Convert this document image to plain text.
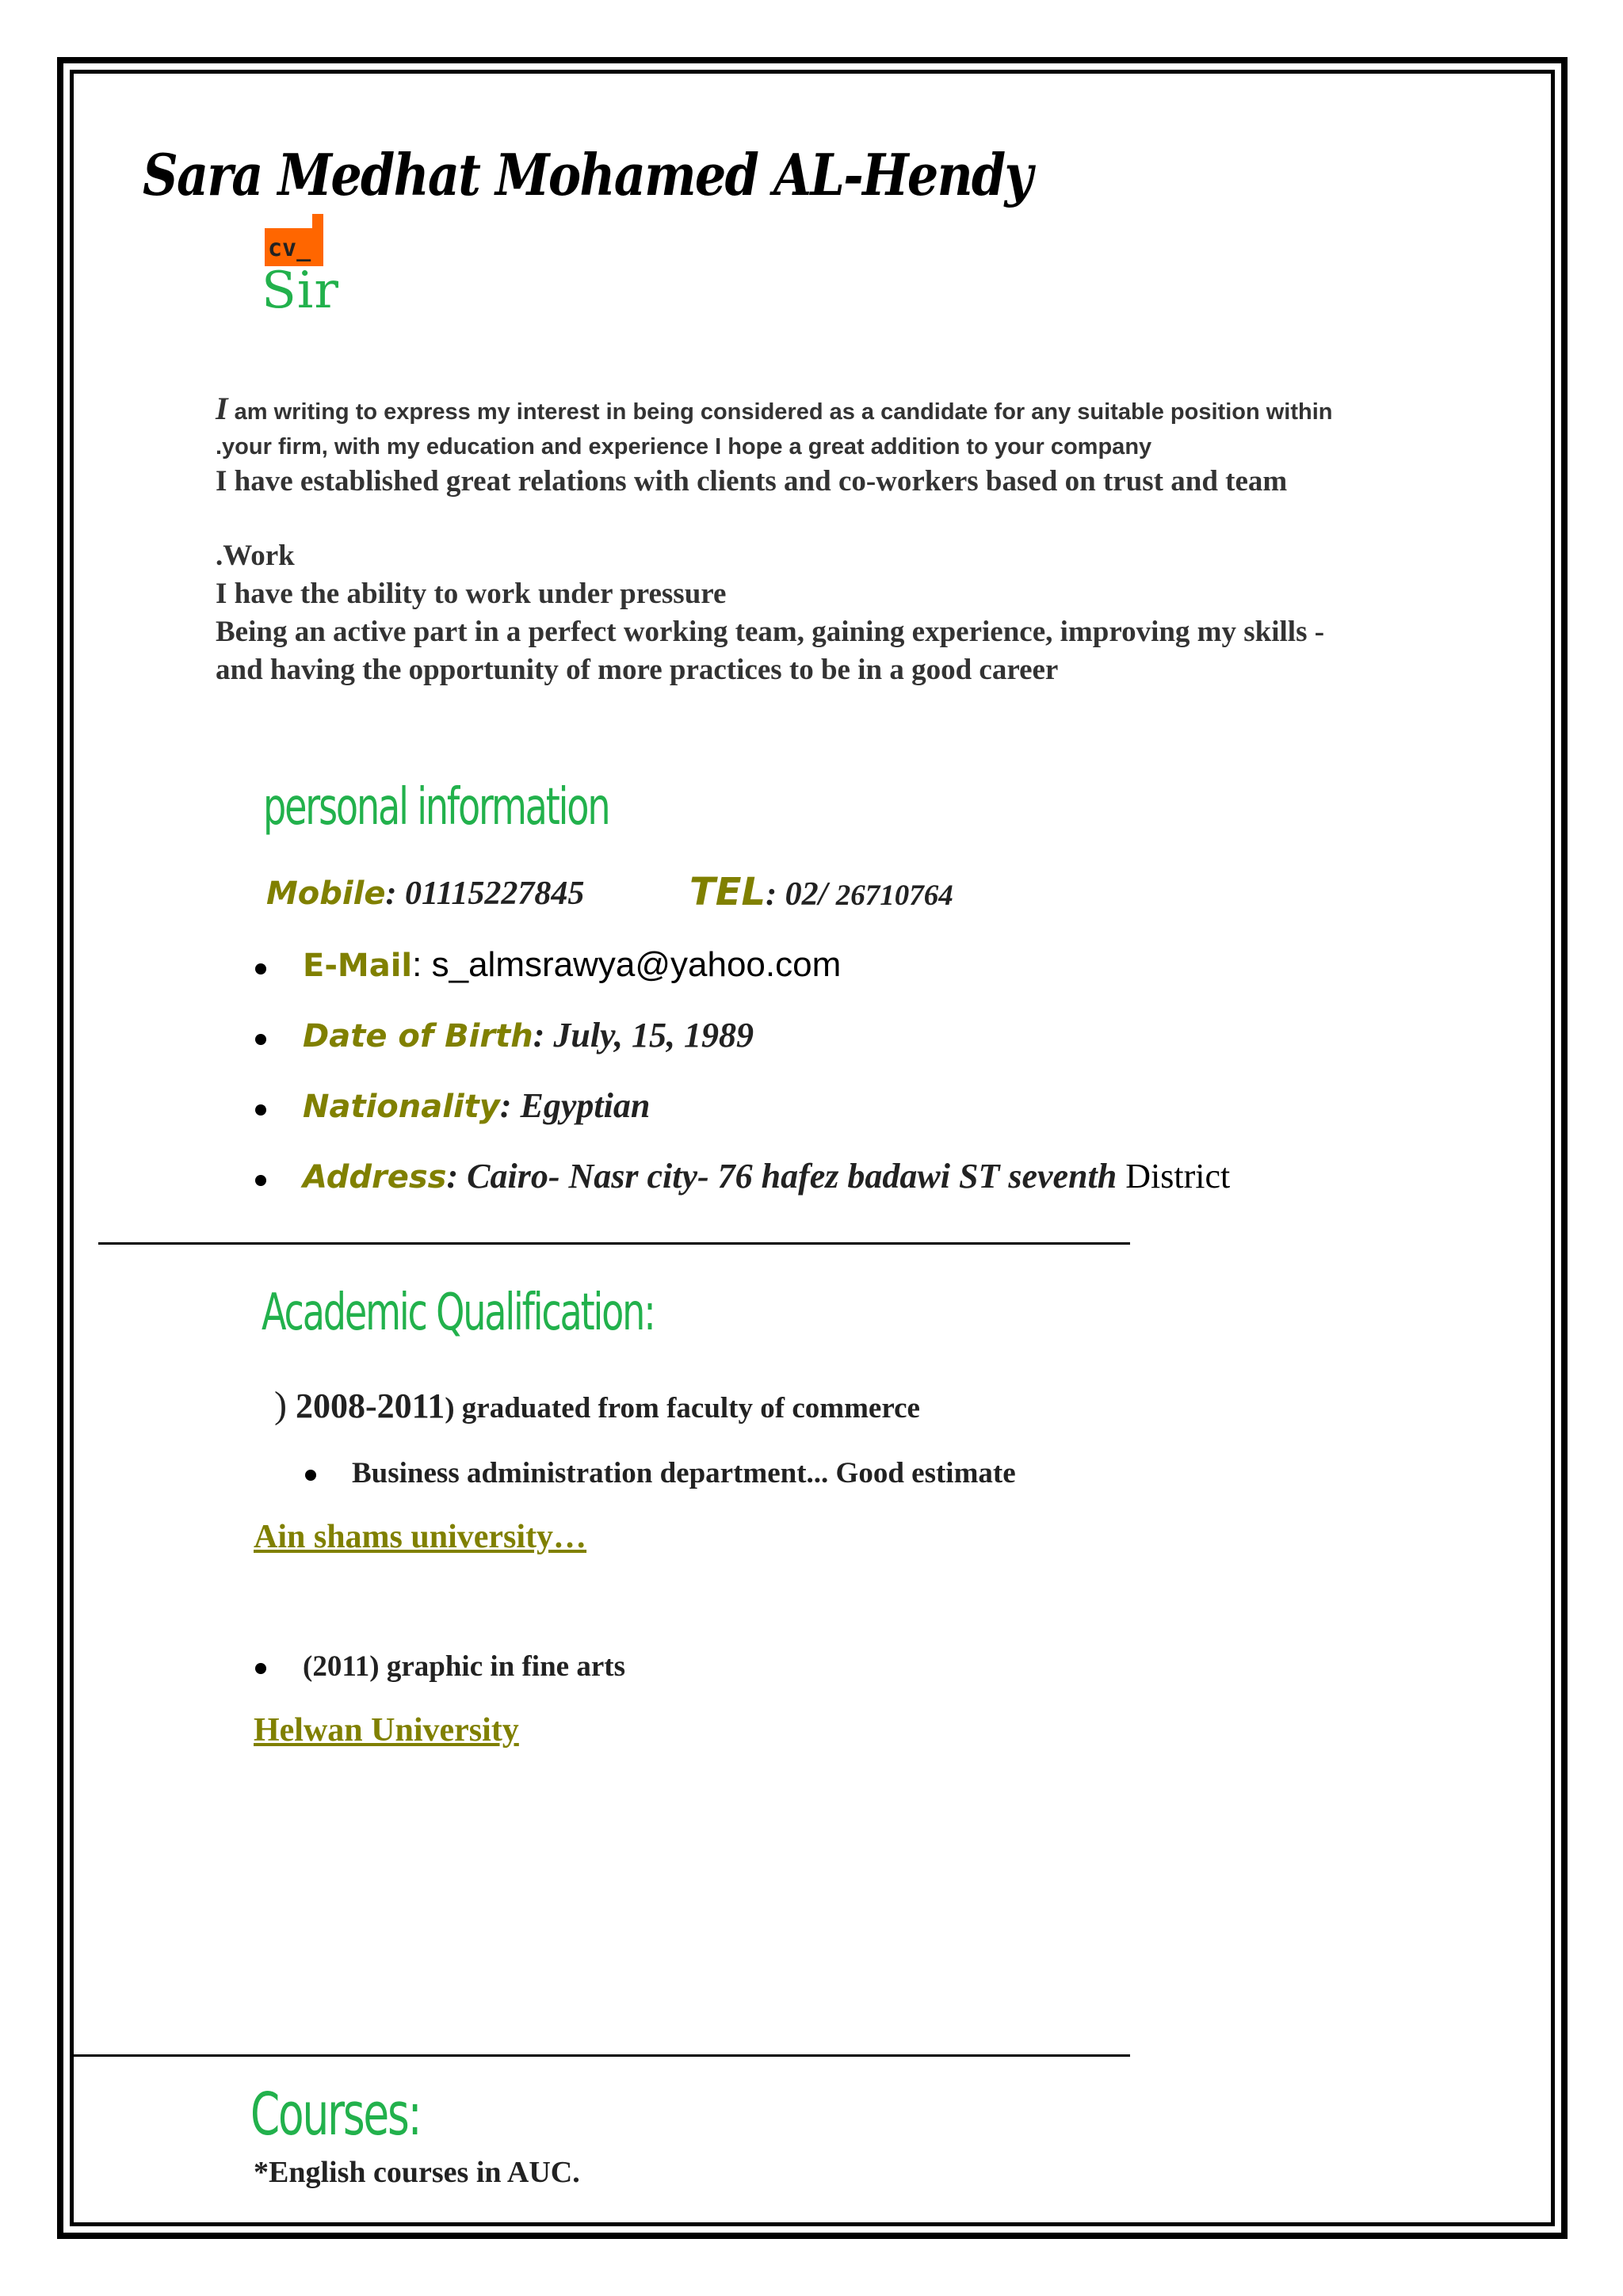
Sara Medhat Mohamed AL-Hendy
cv_
Sir
I am writing to express my interest in being considered as a candidate for any suitable position within
.your firm, with my education and experience I hope a great addition to your company
I have established great relations with clients and co-workers based on trust and team
.Work
I have the ability to work under pressure
Being an active part in a perfect working team, gaining experience, improving my skills -
and having the opportunity of more practices to be in a good career
personal information
Mobile: 01115227845	TEL: 02/ 26710764
E-Mail: s_almsrawya@yahoo.com
Date of Birth: July, 15, 1989
Nationality: Egyptian
Address: Cairo- Nasr city- 76 hafez badawi ST seventh District
Academic Qualification:
) 2008-2011) graduated from faculty of commerce
Business administration department... Good estimate
Ain shams university…
(2011) graphic in fine arts
Helwan University
Courses:
*English courses in AUC.
